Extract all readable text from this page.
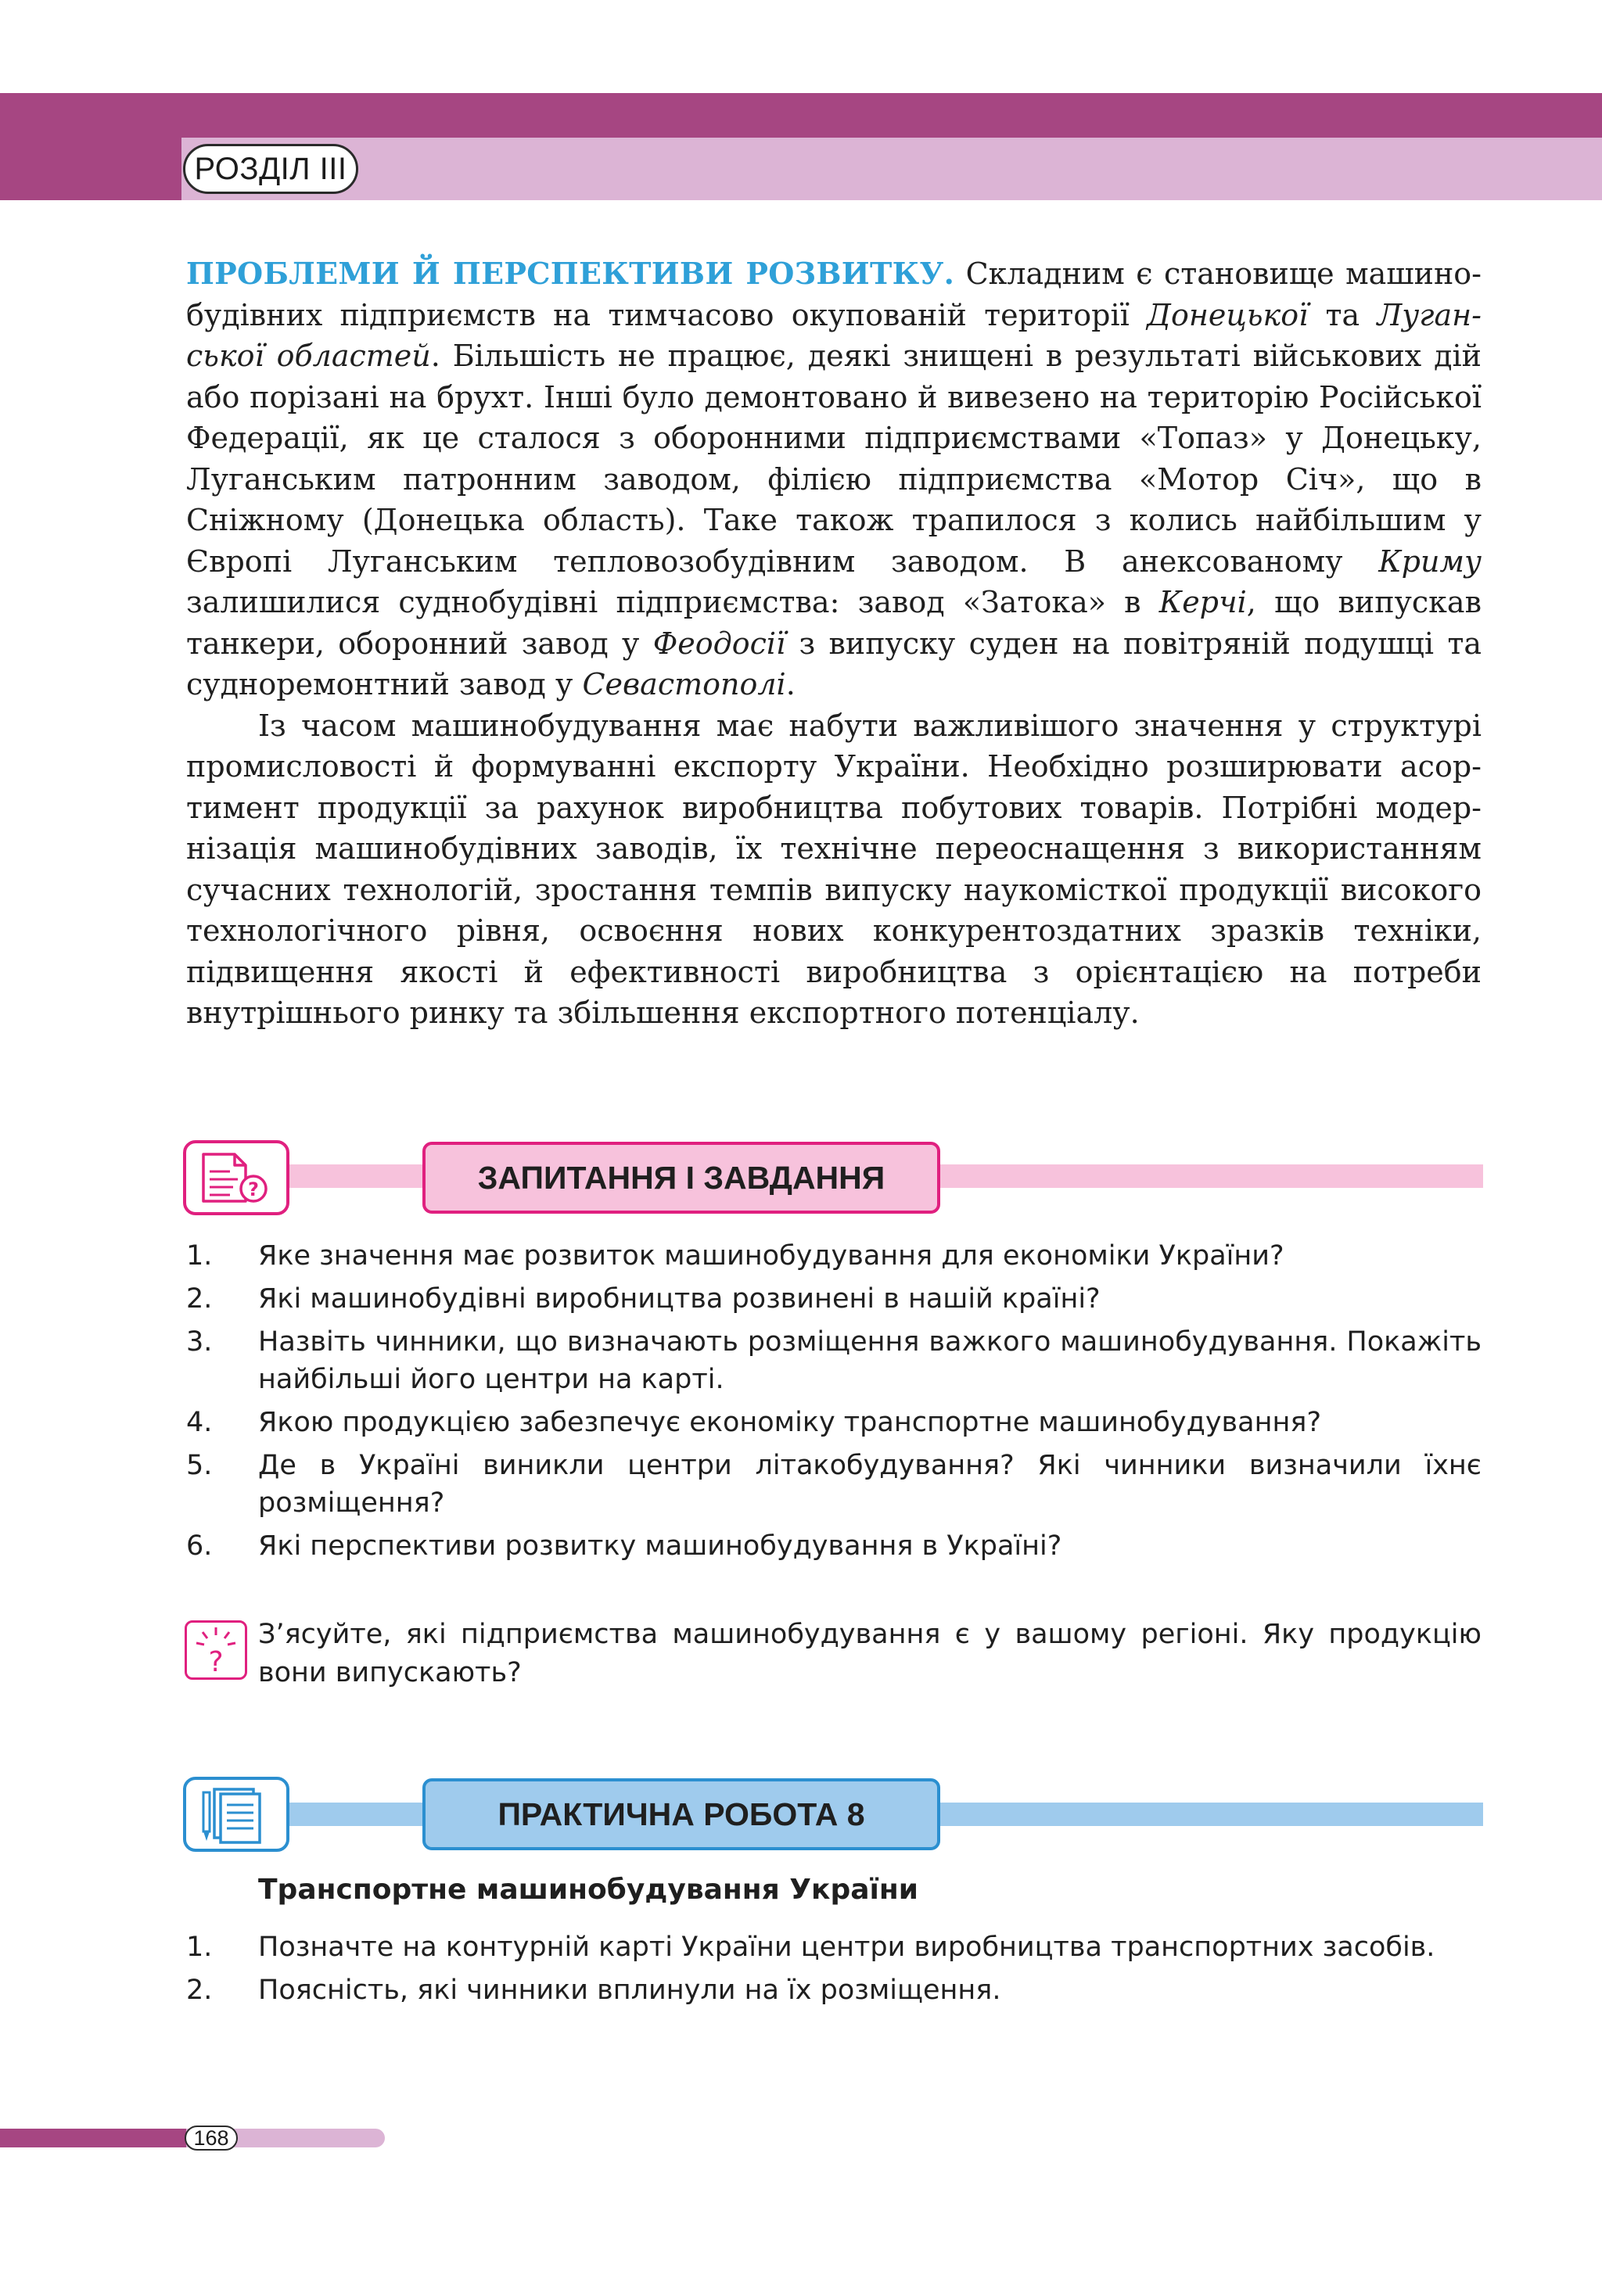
РОЗДІЛ III

ПРОБЛЕМИ Й ПЕРСПЕКТИВИ РОЗВИТКУ. Складним є становище машинобудівних підприємств на тимчасово окупованій території Донецької та Луганської областей. Більшість не працює, деякі знищені в результаті військових дій або порізані на брухт. Інші було демонтовано й вивезено на територію Російської Федерації, як це сталося з оборонними підприємствами «Топаз» у Донецьку, Луганським патронним заводом, філією підприємства «Мотор Січ», що в Сніжному (Донецька область). Таке також трапилося з колись найбільшим у Європі Луганським тепловозобудівним заводом. В анексованому Криму залишилися суднобудівні підприємства: завод «Затока» в Керчі, що випускав танкери, оборонний завод у Феодосії з випуску суден на повітряній подушці та судноремонтний завод у Севастополі.

Із часом машинобудування має набути важливішого значення у структурі промисловості й формуванні експорту України. Необхідно розширювати асортимент продукції за рахунок виробництва побутових товарів. Потрібні модернізація машинобудівних заводів, їх технічне переоснащення з використанням сучасних технологій, зростання темпів випуску наукомісткої продукції високого технологічного рівня, освоєння нових конкурентоздатних зразків техніки, підвищення якості й ефективності виробництва з орієнтацією на потреби внутрішнього ринку та збільшення експортного потенціалу.

?	ЗАПИТАННЯ І ЗАВДАННЯ
1. Яке значення має розвиток машинобудування для економіки України?
2. Які машинобудівні виробництва розвинені в нашій країні?
3. Назвіть чинники, що визначають розміщення важкого машинобудування. Покажіть найбільші його центри на карті.
4. Якою продукцією забезпечує економіку транспортне машинобудування?
5. Де в Україні виникли центри літакобудування? Які чинники визначили їхнє розміщення?
6. Які перспективи розвитку машинобудування в Україні?
?
З’ясуйте, які підприємства машинобудування є у вашому регіоні. Яку продукцію вони випускають?
ПРАКТИЧНА РОБОТА 8
Транспортне машинобудування України
1. Позначте на контурній карті України центри виробництва транспортних засобів.
2. Поясність, які чинники вплинули на їх розміщення.
168
